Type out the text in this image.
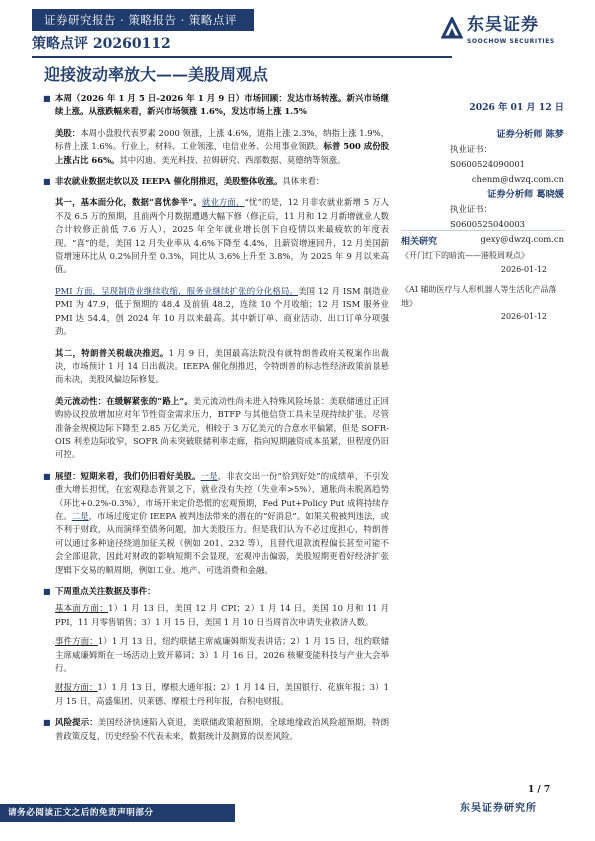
证券研究报告 · 策略报告 · 策略点评
策略点评 20260112
迎接波动率放大——美股周观点
东吴证券
SOOCHOW SECURITIES
■ 本周（2026 年 1 月 5 日-2026 年 1 月 9 日）市场回顾：发达市场转涨。新兴市场继续上涨。从涨跌幅来看，新兴市场领涨 1.6%，发达市场上涨 1.5%
美股：本周小盘股代表罗素 2000 领涨，上涨 4.6%，道指上涨 2.3%，纳指上涨 1.9%，标普上涨 1.6%。行业上，材料、工业领涨，电信业务、公用事业领跌。标普 500 成份股上涨占比 66%。其中闪迪、美光科技、拉姆研究、西部数据、莫德纳等领涨。
■ 非农就业数据走软以及 IEEPA 催化削推迟，美股整体收涨。具体来看：
其一，基本面分化，数据“喜忧参半”。就业方面，“忧”的是，12 月非农就业新增 5 万人不及 6.5 万的预期，且前两个月数据遭遇大幅下修（修正后，11 月和 12 月新增就业人数合计较修正前低 7.6 万人），2025 年全年就业增长创下自疫情以来最疲软的年度表现。“喜”的是，美国 12 月失业率从 4.6%下降至 4.4%，且薪资增速回升，12 月美国薪资增速环比从 0.2%回升至 0.3%，同比从 3.6%上升至 3.8%，为 2025 年 9 月以来高值。
PMI 方面，呈现制造业继续收缩，服务业继续扩张的分化格局。美国 12 月 ISM 制造业 PMI 为 47.9，低于预期的 48.4 及前值 48.2，连续 10 个月收缩；12 月 ISM 服务业 PMI 达 54.4，创 2024 年 10 月以来最高。其中新订单、商业活动、出口订单分项强劲。
其二，特朗普关税裁决推迟。1 月 9 日，美国最高法院没有就特朗普政府关税案作出裁决，市场预计 1 月 14 日出裁决。IEEPA 催化削推迟，令特朗普的标志性经济政策前景悬而未决，美股风偏边际修复。
美元流动性：在缓解紧张的“路上”。美元流动性尚未进入特殊风险场景：美联储通过正回购协议投放增加应对年节性资金需求压力，BTFP 与其他信贷工具未呈现持续扩张。尽管准备金规模边际下降至 2.85 万亿美元，相较于 3 万亿美元的合意水平偏紧，但是 SOFR-OIS 利差边际收窄，SOFR 尚未突破联储利率走廊，指向短期融资成本虽紧，但程度仍旧可控。
■ 展望：短期来看，我们仍旧看好美股。一是，非农交出一份“恰到好处”的成绩单，不引发重大增长担忧，在宏观稳态背景之下，就业没有失控（失业率>5%），通胀尚未脱离趋势（环比+0.2%-0.3%），市场开来定价恐慌的宏观预期，Fed Put+Policy Put 成将持续存在。二是，市场过度定价 IEEPA 被判违法带来的潜在的“好消息”。如果关税被判违法，或不利于财政，从而演绎至债务问题，加大美股压力。但是我们认为不必过度担心，特朗普可以通过多种途径绕道加征关税（例如 201、232 等），且替代退款流程偏长甚至可能不会全部退款，因此对财政的影响短期不会显现，宏观冲击偏弱，美股短期更看好经济扩张逻辑下交易的顺周期，例如工业、地产、可选消费和金融。
■ 下周重点关注数据及事件：
基本面方面：1）1 月 13 日，美国 12 月 CPI；2）1 月 14 日，美国 10 月和 11 月 PPI，11 月零售销售；3）1 月 15 日，美国 1 月 10 日当周首次申请失业救济人数。
事件方面：1）1 月 13 日，纽约联储主席威廉姆斯发表讲话；2）1 月 15 日，纽约联储主席威廉姆斯在一场活动上致开幕词；3）1 月 16 日，2026 核聚变能科技与产业大会举行。
财报方面：1）1 月 13 日，摩根大通年报；2）1 月 14 日，美国银行、花旗年报；3）1 月 15 日，高盛集团、贝莱德、摩根士丹利年报，台积电财报。
■ 风险提示：美国经济快速陷入衰退，美联储政策超预期，全球地缘政治风险超预期，特朗普政策反复，历史经验不代表未来，数据统计及测算的误差风险。
2026 年 01 月 12 日
证券分析师 陈梦
执业证书：S0600524090001
chenm@dwzq.com.cn
证券分析师 葛晓媛
执业证书：S0600525040003
gexy@dwzq.com.cn
相关研究
《开门红下的暗流——港股周观点》
2026-01-12
《AI 辅助医疗与人形机器人等生活化产品落地》
2026-01-12
1 / 7
东吴证券研究所
请务必阅读正文之后的免责声明部分
